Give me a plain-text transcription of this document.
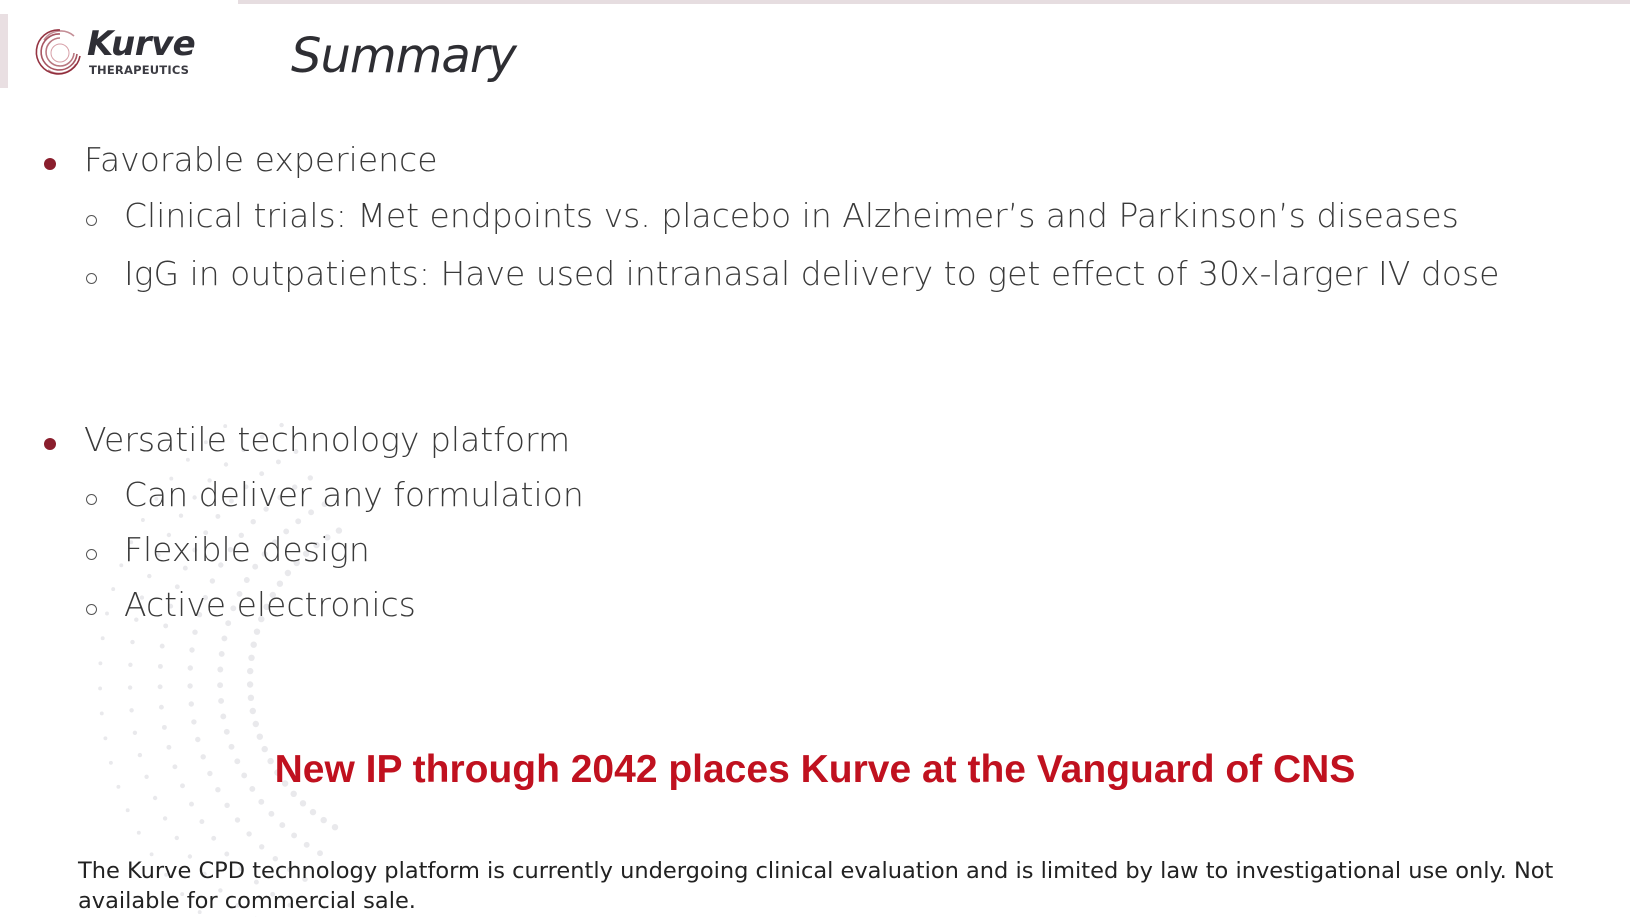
Kurve
THERAPEUTICS Summary
Favorable experience
Clinical trials: Met endpoints vs. placebo in Alzheimer’s and Parkinson’s diseases
IgG in outpatients: Have used intranasal delivery to get effect of 30x-larger IV dose
Versatile technology platform
Can deliver any formulation
Flexible design
Active electronics
New IP through 2042 places Kurve at the Vanguard of CNS
The Kurve CPD technology platform is currently undergoing clinical evaluation and is limited by law to investigational use only. Not available for commercial sale.
